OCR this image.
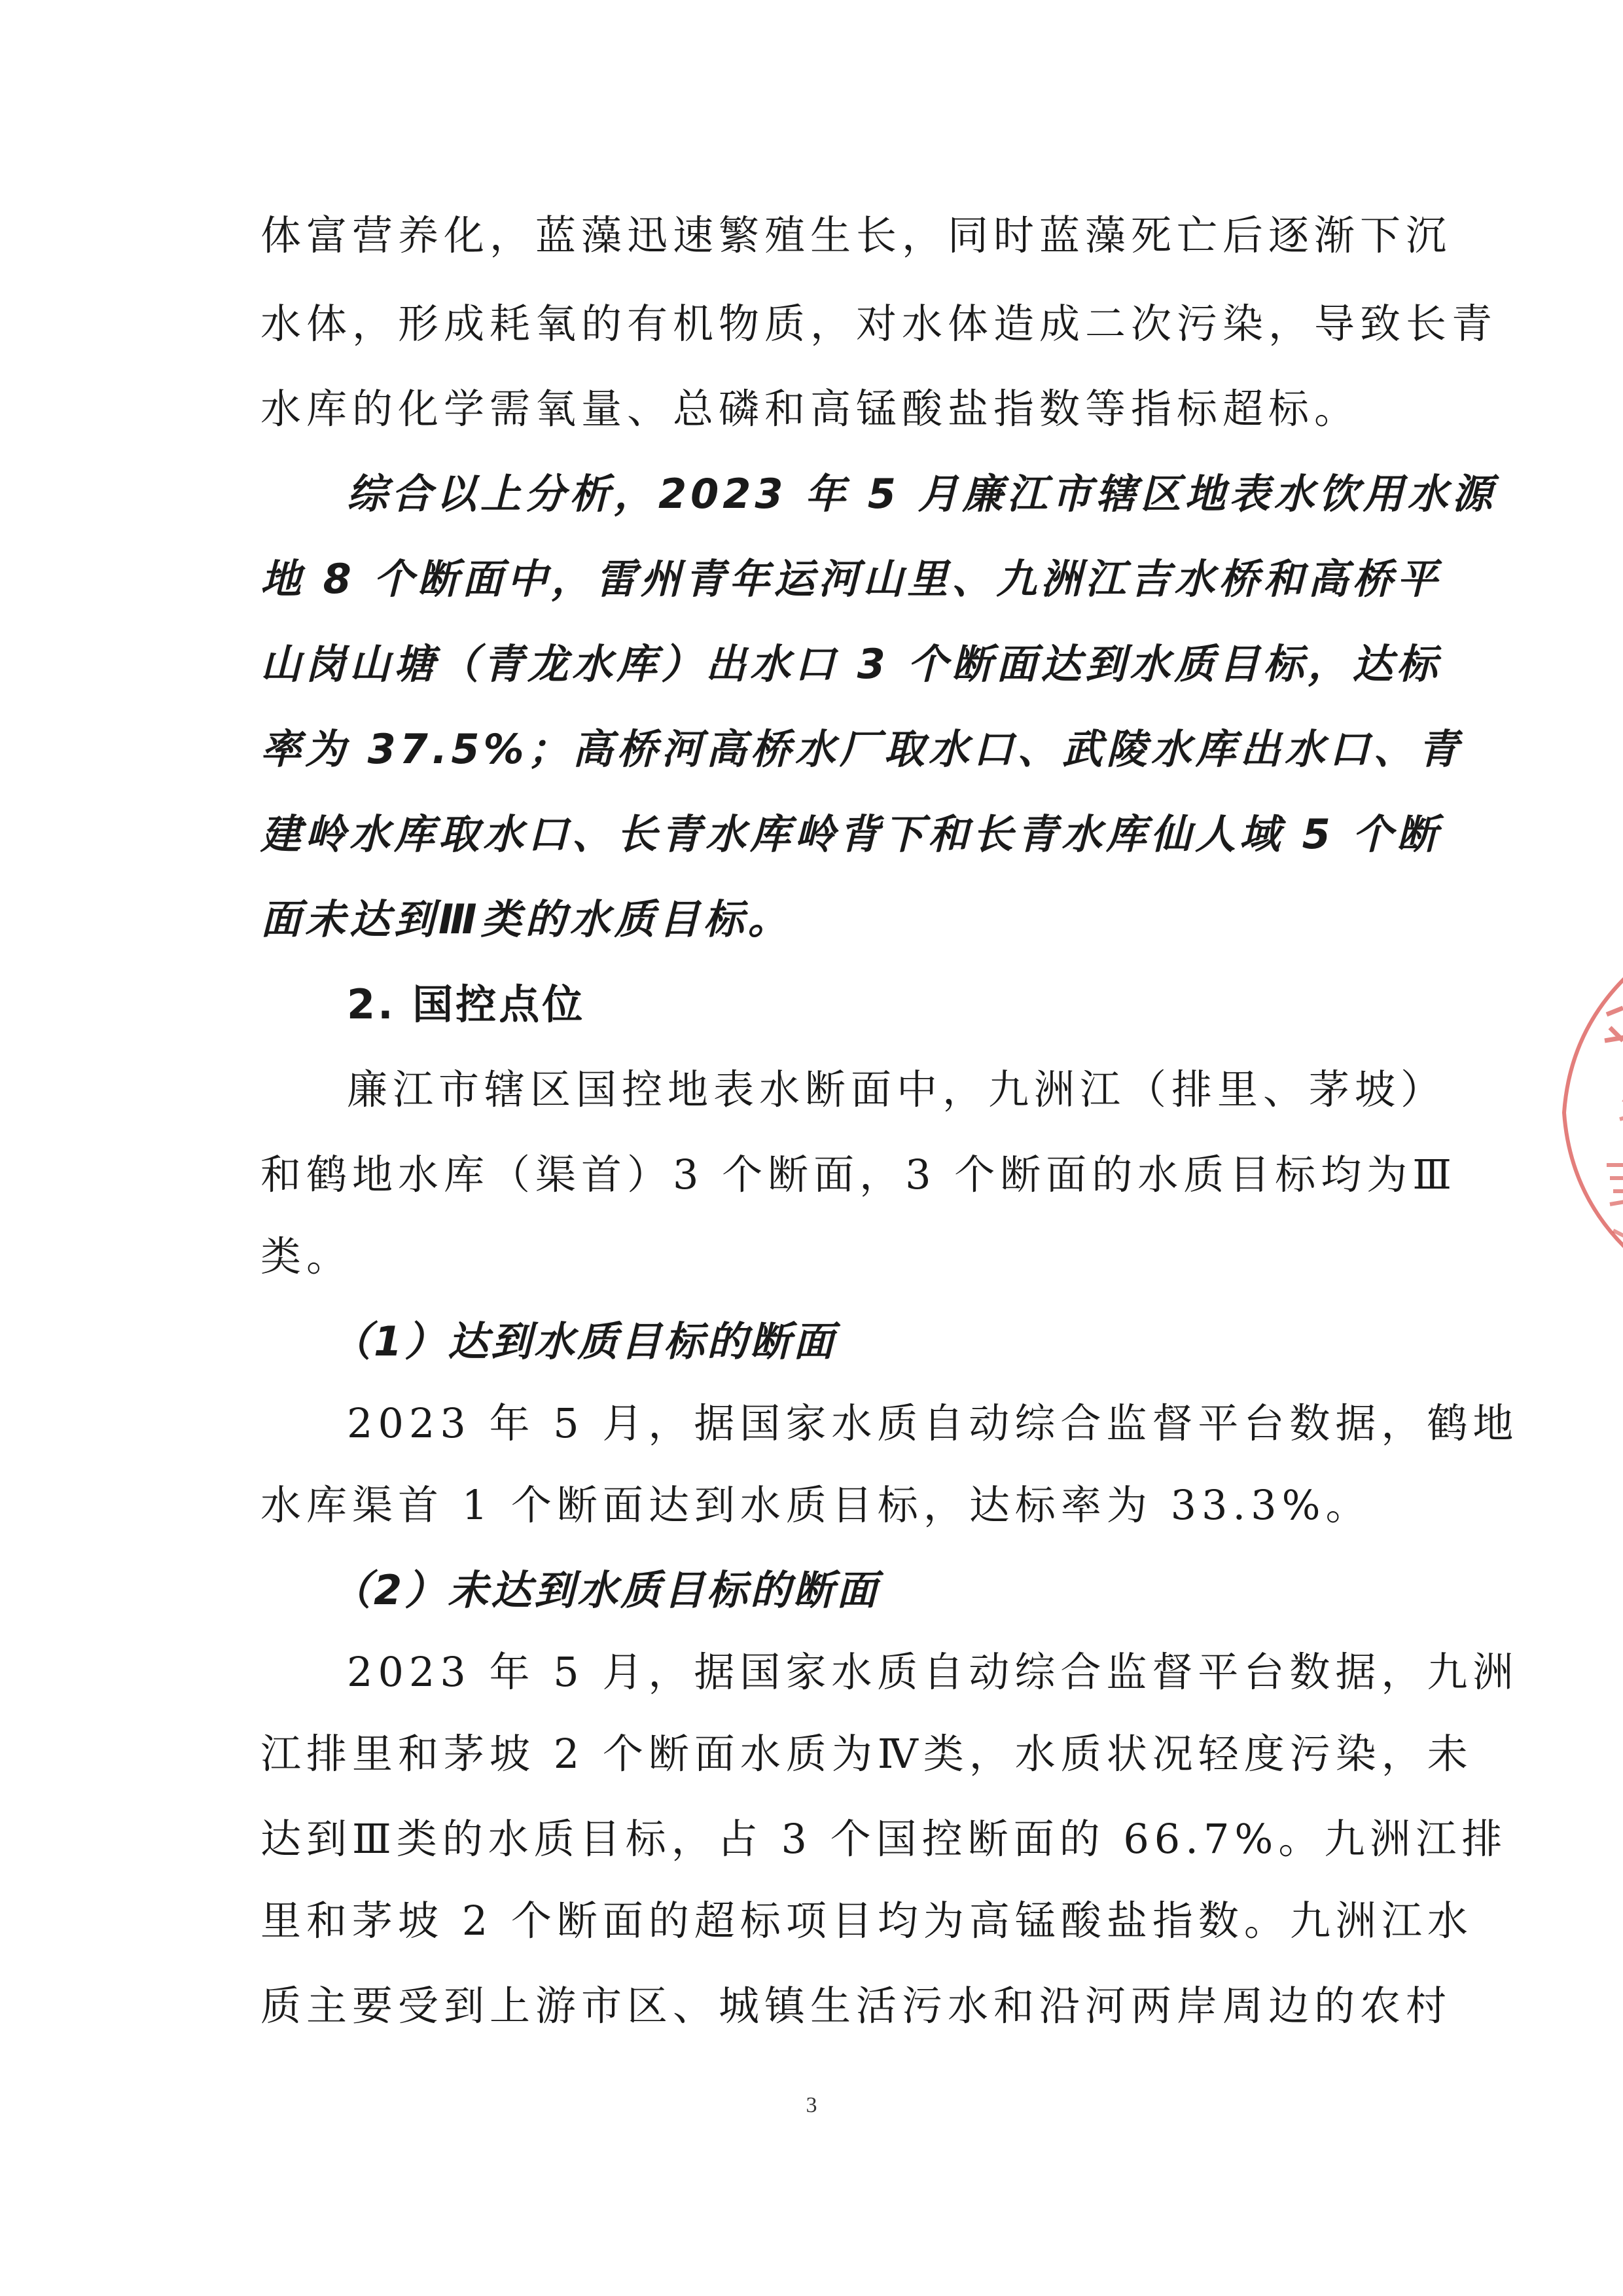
体富营养化，蓝藻迅速繁殖生长，同时蓝藻死亡后逐渐下沉
水体，形成耗氧的有机物质，对水体造成二次污染，导致长青
水库的化学需氧量、总磷和高锰酸盐指数等指标超标。
综合以上分析，2023 年 5 月廉江市辖区地表水饮用水源
地 8 个断面中，雷州青年运河山里、九洲江吉水桥和高桥平
山岗山塘（青龙水库）出水口 3 个断面达到水质目标，达标
率为 37.5%；高桥河高桥水厂取水口、武陵水库出水口、青
建岭水库取水口、长青水库岭背下和长青水库仙人域 5 个断
面未达到Ⅲ类的水质目标。
2. 国控点位
廉江市辖区国控地表水断面中，九洲江（排里、茅坡）
和鹤地水库（渠首）3 个断面，3 个断面的水质目标均为Ⅲ
类。
（1）达到水质目标的断面
2023 年 5 月，据国家水质自动综合监督平台数据，鹤地
水库渠首 1 个断面达到水质目标，达标率为 33.3%。
（2）未达到水质目标的断面
2023 年 5 月，据国家水质自动综合监督平台数据，九洲
江排里和茅坡 2 个断面水质为Ⅳ类，水质状况轻度污染，未
达到Ⅲ类的水质目标，占 3 个国控断面的 66.7%。九洲江排
里和茅坡 2 个断面的超标项目均为高锰酸盐指数。九洲江水
质主要受到上游市区、城镇生活污水和沿河两岸周边的农村
3
